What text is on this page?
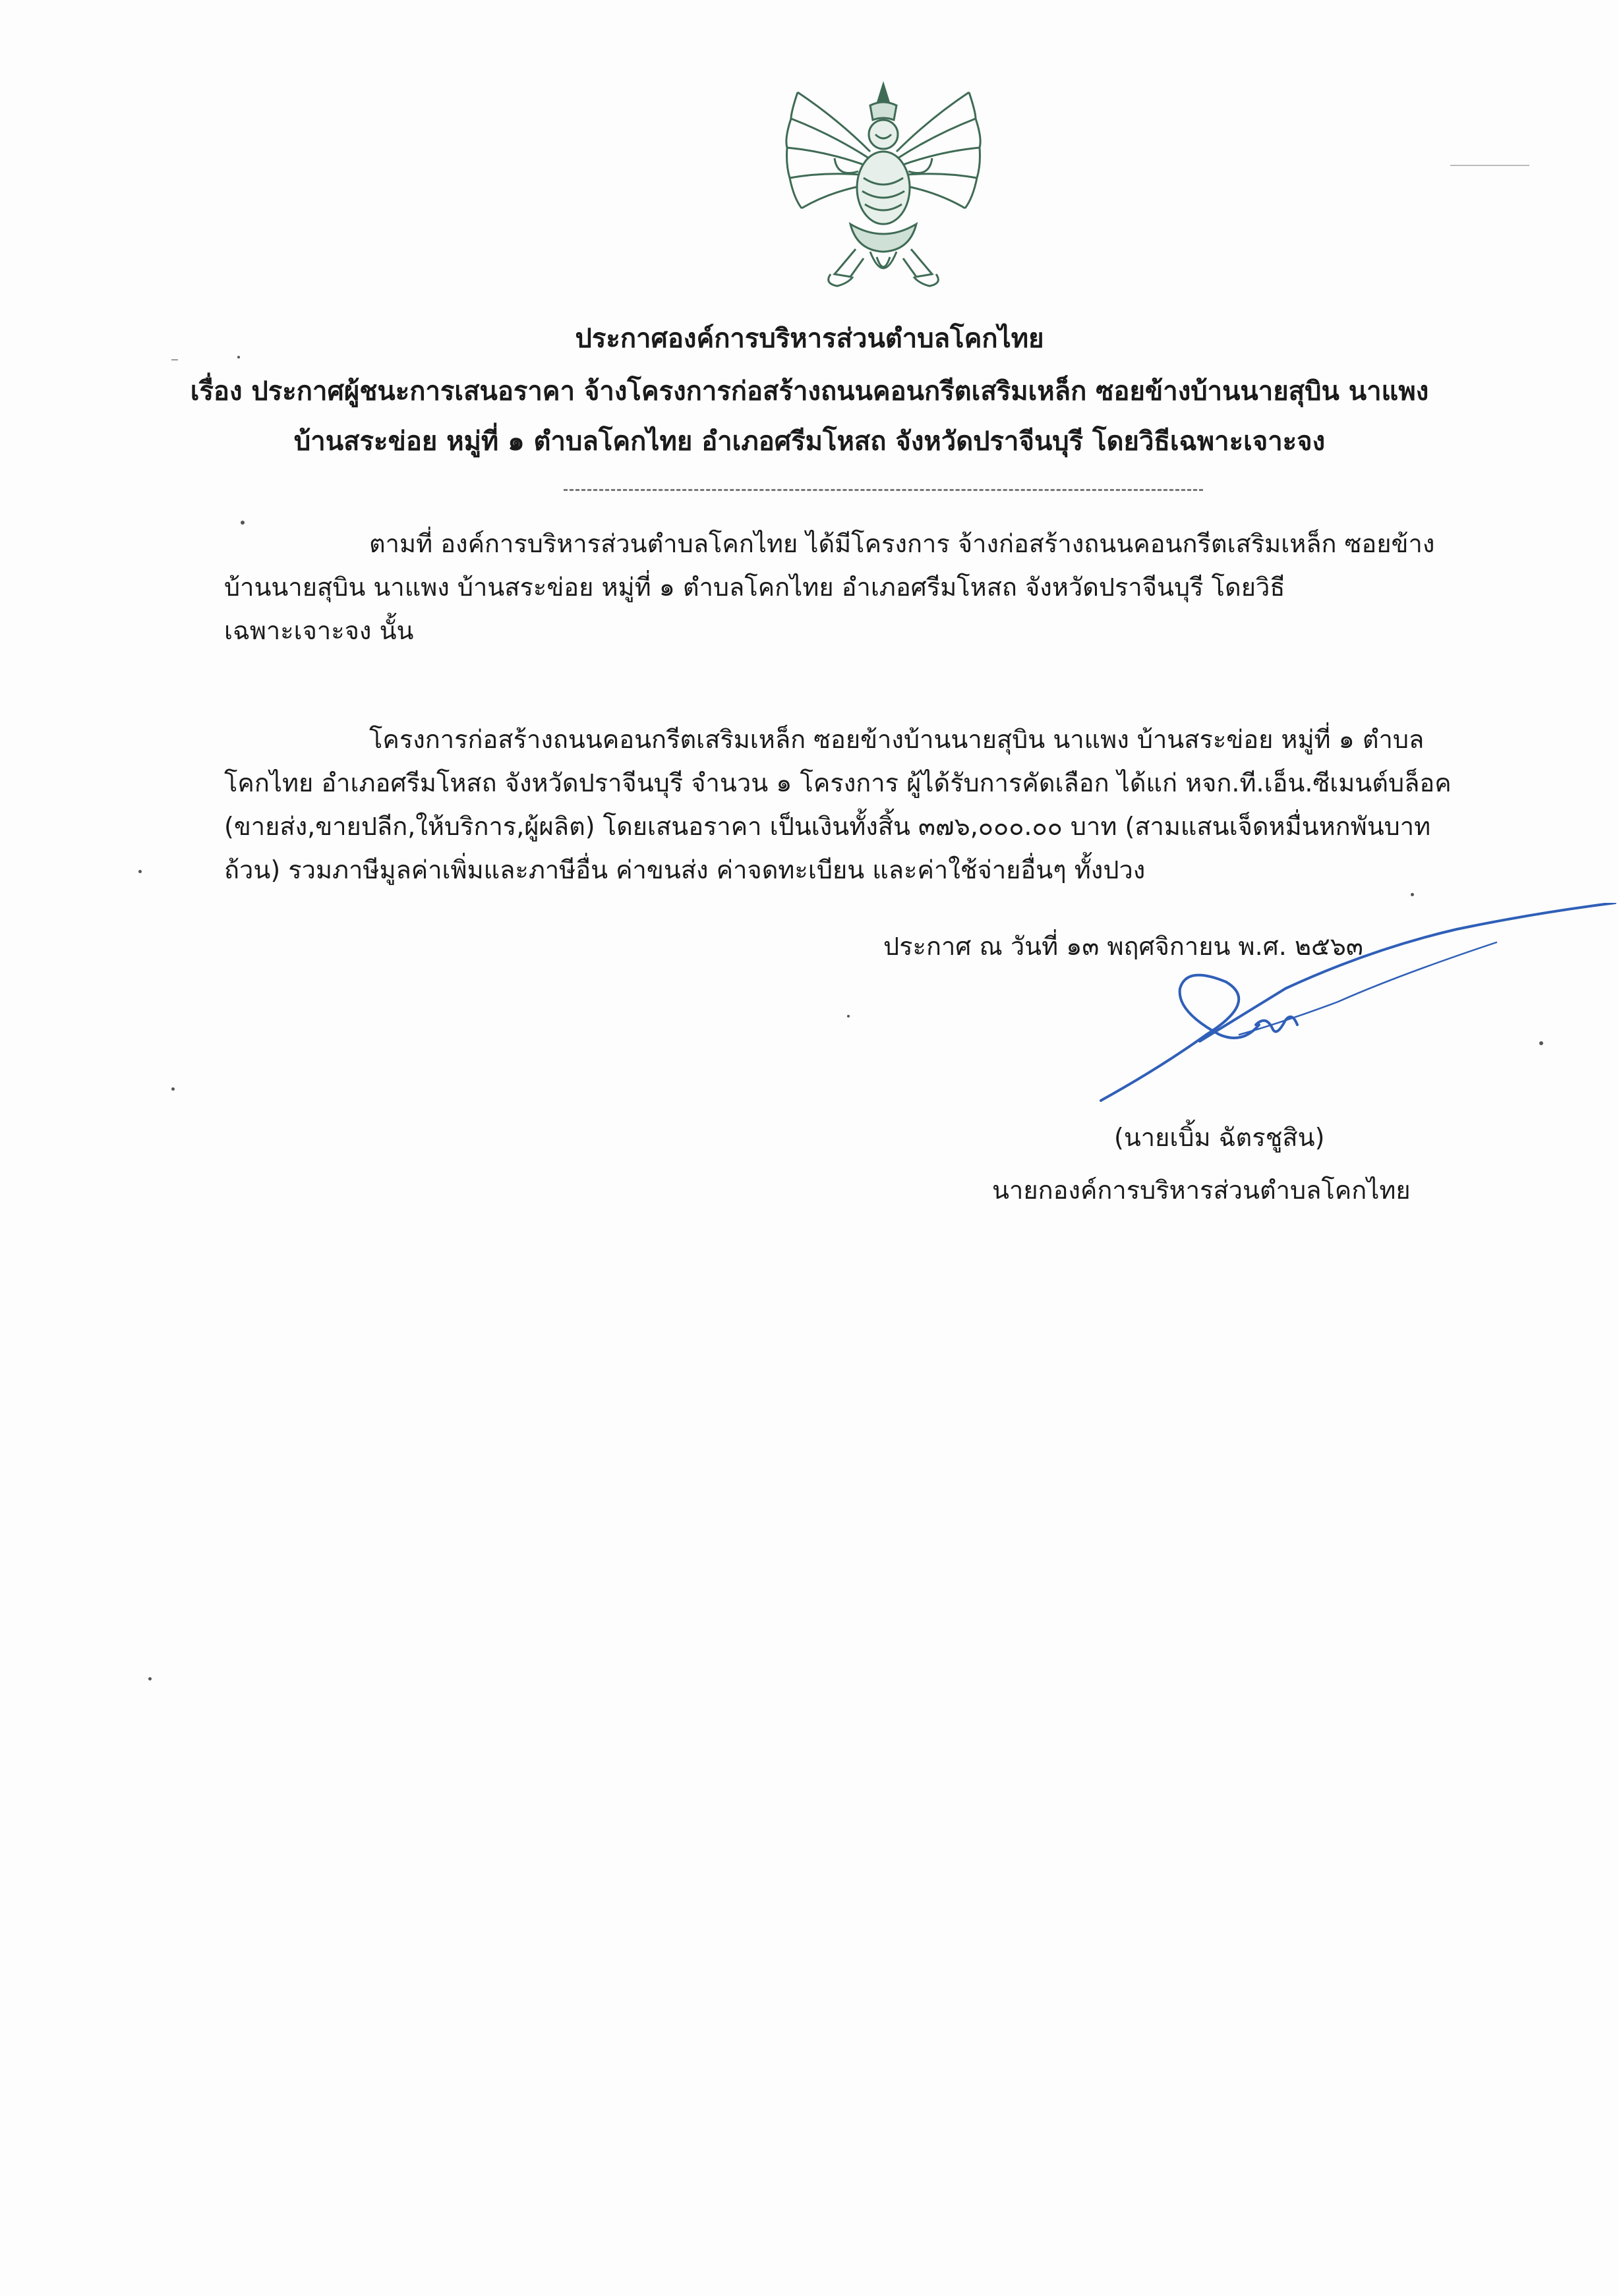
ประกาศองค์การบริหารส่วนตำบลโคกไทย
เรื่อง ประกาศผู้ชนะการเสนอราคา จ้างโครงการก่อสร้างถนนคอนกรีตเสริมเหล็ก ซอยข้างบ้านนายสุบิน นาแพง
บ้านสระข่อย หมู่ที่ ๑ ตำบลโคกไทย อำเภอศรีมโหสถ จังหวัดปราจีนบุรี โดยวิธีเฉพาะเจาะจง
ตามที่ องค์การบริหารส่วนตำบลโคกไทย ได้มีโครงการ จ้างก่อสร้างถนนคอนกรีตเสริมเหล็ก ซอยข้าง
บ้านนายสุบิน นาแพง บ้านสระข่อย หมู่ที่ ๑ ตำบลโคกไทย อำเภอศรีมโหสถ จังหวัดปราจีนบุรี โดยวิธี
เฉพาะเจาะจง นั้น
โครงการก่อสร้างถนนคอนกรีตเสริมเหล็ก ซอยข้างบ้านนายสุบิน นาแพง บ้านสระข่อย หมู่ที่ ๑ ตำบล
โคกไทย อำเภอศรีมโหสถ จังหวัดปราจีนบุรี จำนวน ๑ โครงการ ผู้ได้รับการคัดเลือก ได้แก่ หจก.ที.เอ็น.ซีเมนต์บล็อค
(ขายส่ง,ขายปลีก,ให้บริการ,ผู้ผลิต) โดยเสนอราคา เป็นเงินทั้งสิ้น ๓๗๖,๐๐๐.๐๐ บาท (สามแสนเจ็ดหมื่นหกพันบาท
ถ้วน) รวมภาษีมูลค่าเพิ่มและภาษีอื่น ค่าขนส่ง ค่าจดทะเบียน และค่าใช้จ่ายอื่นๆ ทั้งปวง
ประกาศ ณ วันที่ ๑๓ พฤศจิกายน พ.ศ. ๒๕๖๓
(นายเบิ้ม ฉัตรชูสิน)
นายกองค์การบริหารส่วนตำบลโคกไทย
